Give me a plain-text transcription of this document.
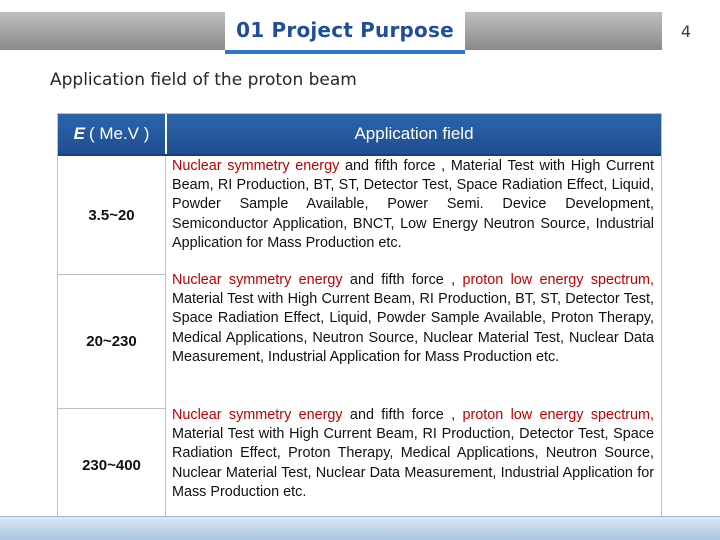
01 Project Purpose	4
Application field of the proton beam
E ( Me.V )	Application field
3.5~20
Nuclear symmetry energy and fifth force , Material Test with High Current Beam, RI Production, BT, ST, Detector Test, Space Radiation Effect, Liquid, Powder Sample Available, Power Semi. Device Development, Semiconductor Application, BNCT, Low Energy Neutron Source, Industrial Application for Mass Production etc.
20~230
Nuclear symmetry energy and fifth force , proton low energy spectrum, Material Test with High Current Beam, RI Production, BT, ST, Detector Test, Space Radiation Effect, Liquid, Powder Sample Available, Proton Therapy, Medical Applications, Neutron Source, Nuclear Material Test, Nuclear Data Measurement, Industrial Application for Mass Production etc.
230~400
Nuclear symmetry energy and fifth force , proton low energy spectrum, Material Test with High Current Beam, RI Production, Detector Test, Space Radiation Effect, Proton Therapy, Medical Applications, Neutron Source, Nuclear Material Test, Nuclear Data Measurement, Industrial Application for Mass Production etc.
